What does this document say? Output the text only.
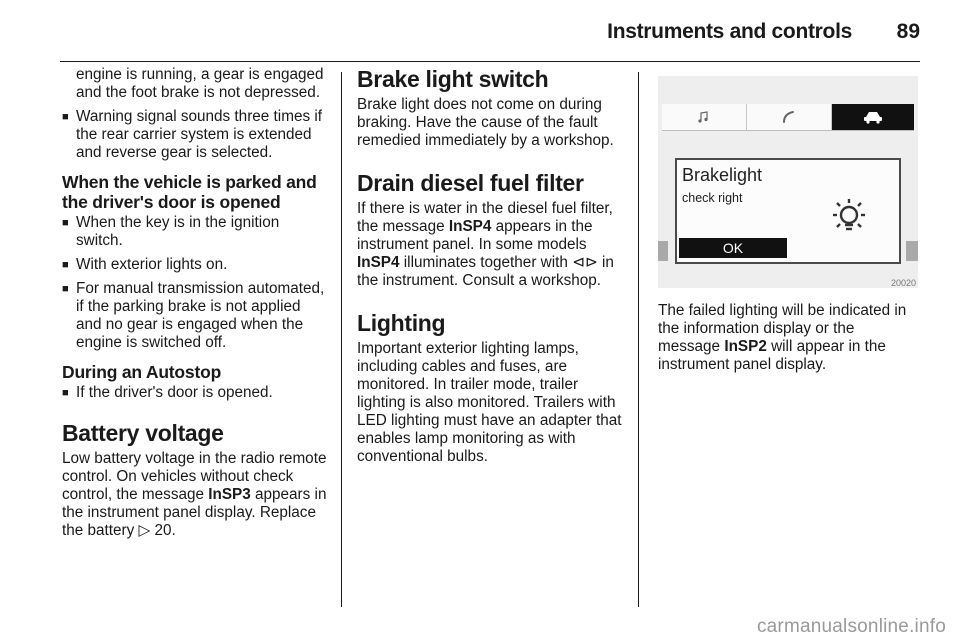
Instruments and controls 89

engine is running, a gear is engaged and the foot brake is not depressed.

■ Warning signal sounds three times if the rear carrier system is extended and reverse gear is selected.
When the vehicle is parked and the driver's door is opened
■ When the key is in the ignition switch.
■ With exterior lights on.
■ For manual transmission automated, if the parking brake is not applied and no gear is engaged when the engine is switched off.
During an Autostop
■ If the driver's door is opened.
Battery voltage

Low battery voltage in the radio remote control. On vehicles without check control, the message InSP3 appears in the instrument panel display. Replace the battery ▷ 20.

Brake light switch

Brake light does not come on during braking. Have the cause of the fault remedied immediately by a workshop.

Drain diesel fuel filter

If there is water in the diesel fuel filter, the message InSP4 appears in the instrument panel. In some models InSP4 illuminates together with ⊲⊳ in the instrument. Consult a workshop.

Lighting

Important exterior lighting lamps, including cables and fuses, are monitored. In trailer mode, trailer lighting is also monitored. Trailers with LED lighting must have an adapter that enables lamp monitoring as with conventional bulbs.

Brakelight
check right
OK
20020

The failed lighting will be indicated in the information display or the message InSP2 will appear in the instrument panel display.

carmanualsonline.info
